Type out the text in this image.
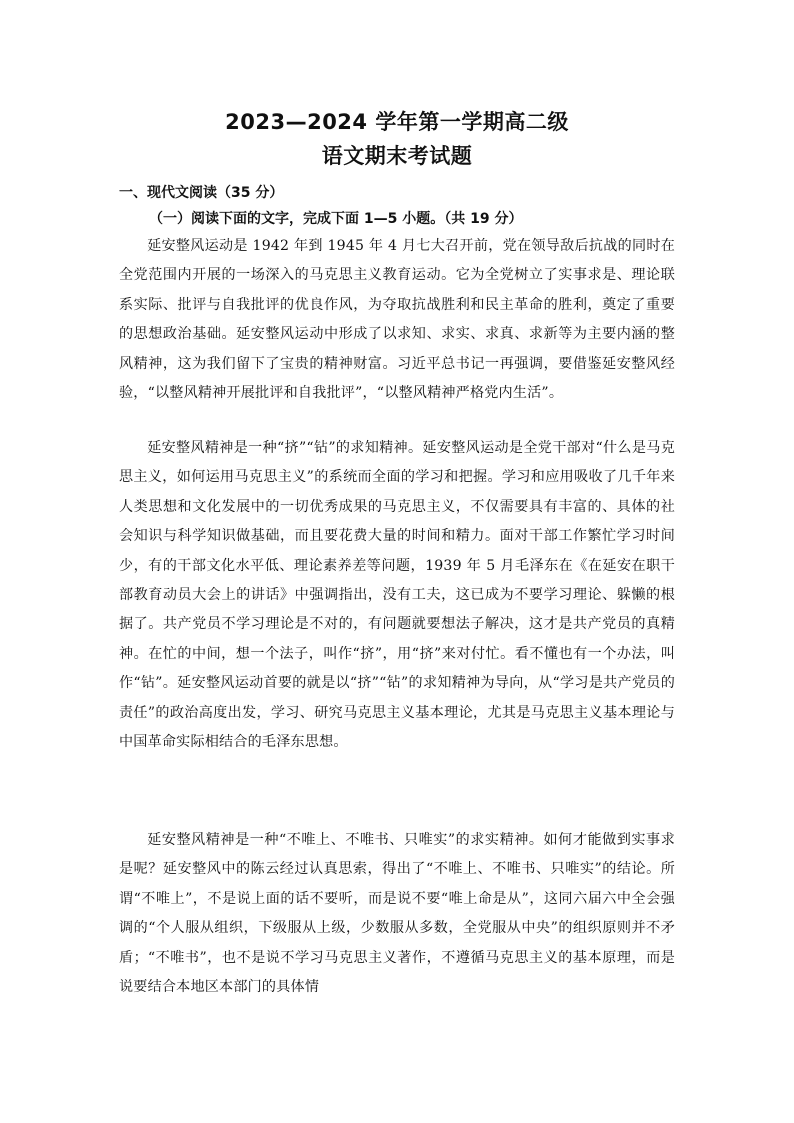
2023—2024 学年第一学期高二级
语文期末考试题
一、现代文阅读（35 分）
（一）阅读下面的文字，完成下面 1—5 小题。（共 19 分）

延安整风运动是 1942 年到 1945 年 4 月七大召开前，党在领导敌后抗战的同时在全党范围内开展的一场深入的马克思主义教育运动。它为全党树立了实事求是、理论联系实际、批评与自我批评的优良作风，为夺取抗战胜利和民主革命的胜利，奠定了重要的思想政治基础。延安整风运动中形成了以求知、求实、求真、求新等为主要内涵的整风精神，这为我们留下了宝贵的精神财富。习近平总书记一再强调，要借鉴延安整风经验，“以整风精神开展批评和自我批评”，“以整风精神严格党内生活”。

延安整风精神是一种“挤”“钻”的求知精神。延安整风运动是全党干部对“什么是马克思主义，如何运用马克思主义”的系统而全面的学习和把握。学习和应用吸收了几千年来人类思想和文化发展中的一切优秀成果的马克思主义，不仅需要具有丰富的、具体的社会知识与科学知识做基础，而且要花费大量的时间和精力。面对干部工作繁忙学习时间少，有的干部文化水平低、理论素养差等问题，1939 年 5 月毛泽东在《在延安在职干部教育动员大会上的讲话》中强调指出，没有工夫，这已成为不要学习理论、躲懒的根据了。共产党员不学习理论是不对的，有问题就要想法子解决，这才是共产党员的真精神。在忙的中间，想一个法子，叫作“挤”，用“挤”来对付忙。看不懂也有一个办法，叫作“钻”。延安整风运动首要的就是以“挤”“钻”的求知精神为导向，从“学习是共产党员的责任”的政治高度出发，学习、研究马克思主义基本理论，尤其是马克思主义基本理论与中国革命实际相结合的毛泽东思想。

延安整风精神是一种“不唯上、不唯书、只唯实”的求实精神。如何才能做到实事求是呢？延安整风中的陈云经过认真思索，得出了“不唯上、不唯书、只唯实”的结论。所谓“不唯上”，不是说上面的话不要听，而是说不要“唯上命是从”，这同六届六中全会强调的“个人服从组织，下级服从上级，少数服从多数，全党服从中央”的组织原则并不矛盾；“不唯书”，也不是说不学习马克思主义著作，不遵循马克思主义的基本原理，而是说要结合本地区本部门的具体情
